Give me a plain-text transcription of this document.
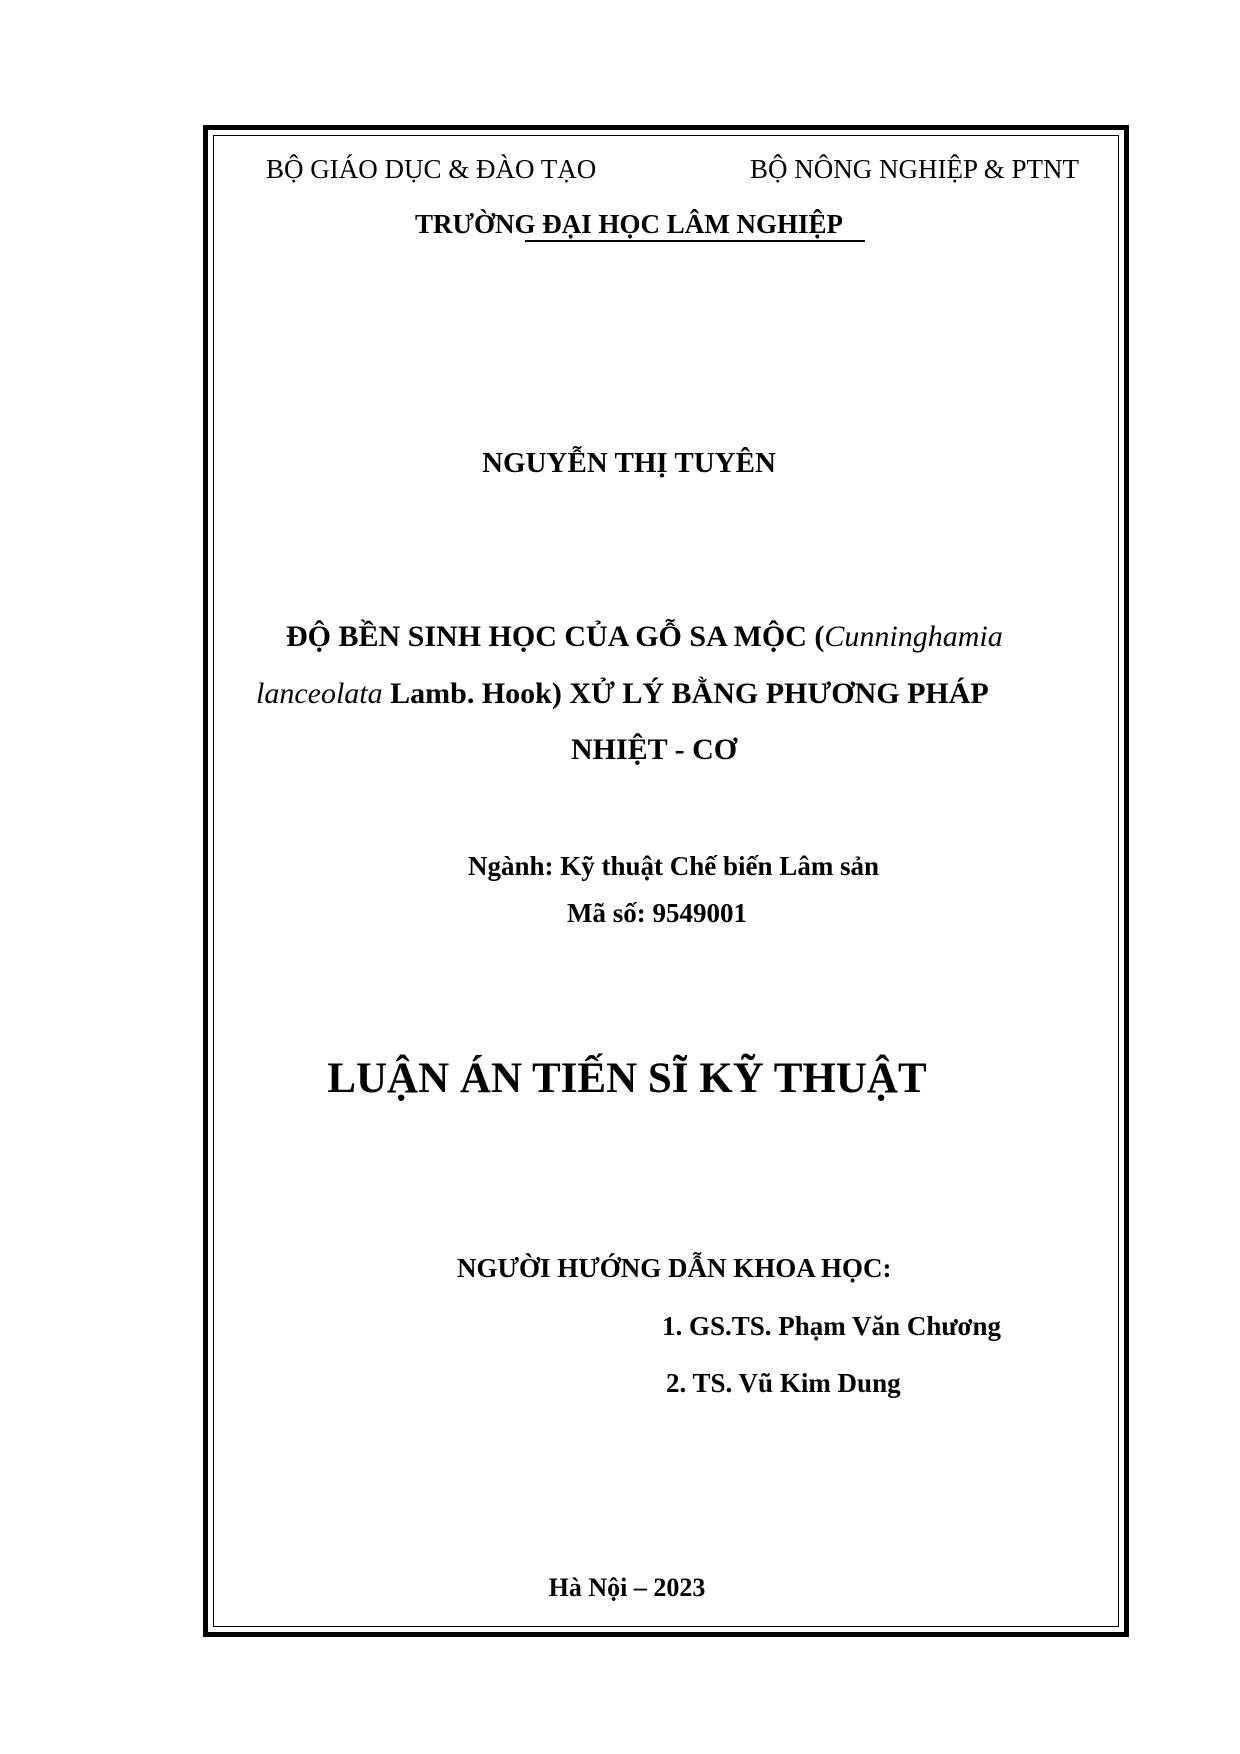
BỘ GIÁO DỤC & ĐÀO TẠO	BỘ NÔNG NGHIỆP & PTNT
TRƯỜNG ĐẠI HỌC LÂM NGHIỆP
NGUYỄN THỊ TUYÊN
ĐỘ BỀN SINH HỌC CỦA GỖ SA MỘC (Cunninghamia
lanceolata Lamb. Hook) XỬ LÝ BẰNG PHƯƠNG PHÁP
NHIỆT - CƠ
Ngành: Kỹ thuật Chế biến Lâm sản
Mã số: 9549001
LUẬN ÁN TIẾN SĨ KỸ THUẬT
NGƯỜI HƯỚNG DẪN KHOA HỌC:
1. GS.TS. Phạm Văn Chương
2. TS. Vũ Kim Dung
Hà Nội – 2023
